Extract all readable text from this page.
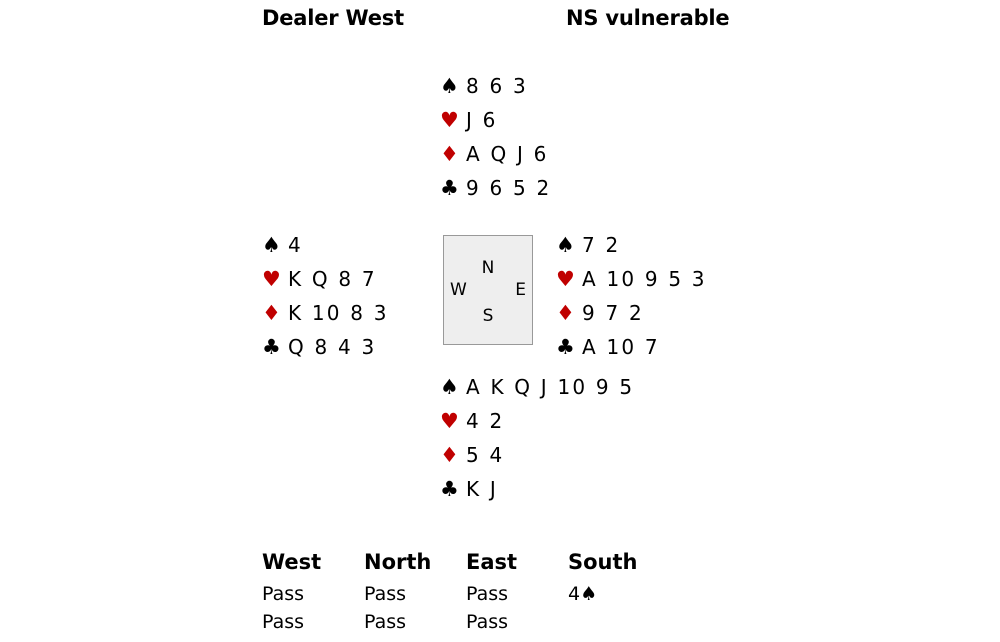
Dealer West	NS vulnerable
♠ 8 6 3
♥ J 6
♦ A Q J 6
♣ 9 6 5 2
♠ 4
♥ K Q 8 7
♦ K 10 8 3
♣ Q 8 4 3
N
W	E
S
♠ 7 2
♥ A 10 9 5 3
♦ 9 7 2
♣ A 10 7
♠ A K Q J 10 9 5
♥ 4 2
♦ 5 4
♣ K J
West	North	East	South
Pass	Pass	Pass	4♠
Pass	Pass	Pass	
